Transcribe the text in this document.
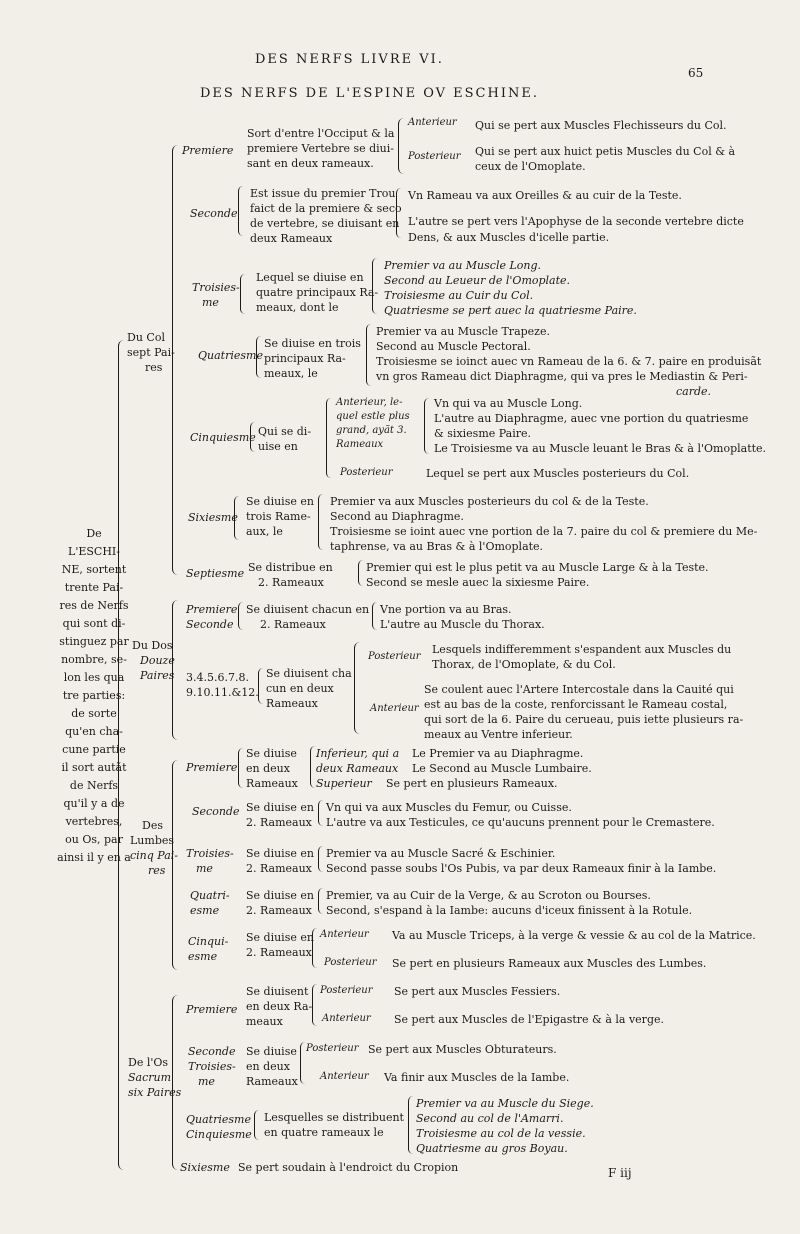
DES NERFS LIVRE VI.
65
DES NERFS DE L'ESPINE OV ESCHINE.
De
L'ESCHI-
NE, sortent
trente Pai-
res de Nerfs
qui sont di-
stinguez par
nombre, se-
lon les qua
tre parties:
de sorte
qu'en cha-
cune partie
il sort autãt
de Nerfs
qu'il y a de
vertebres,
ou Os, par
ainsi il y en a
Du Col
sept Pai-
res
Du Dos
Douze
Paires
Des
Lumbes
cinq Pai-
res
De l'Os
Sacrum
six Paires
Premiere
Sort d'entre l'Occiput & la
premiere Vertebre se diui-
sant en deux rameaux.
Anterieur Qui se pert aux Muscles Flechisseurs du Col.
Posterieur Qui se pert aux huict petis Muscles du Col & à
ceux de l'Omoplate.
Seconde
Est issue du premier Trou
faict de la premiere & seco
de vertebre, se diuisant en
deux Rameaux
Vn Rameau va aux Oreilles & au cuir de la Teste.
L'autre se pert vers l'Apophyse de la seconde vertebre dicte
Dens, & aux Muscles d'icelle partie.
Troisies-
me
Lequel se diuise en
quatre principaux Ra-
meaux, dont le
Premier va au Muscle Long.
Second au Leueur de l'Omoplate.
Troisiesme au Cuir du Col.
Quatriesme se pert auec la quatriesme Paire.
Quatriesme
Se diuise en trois
principaux Ra-
meaux, le
Premier va au Muscle Trapeze.
Second au Muscle Pectoral.
Troisiesme se ioinct auec vn Rameau de la 6. & 7. paire en produisãt
vn gros Rameau dict Diaphragme, qui va pres le Mediastin & Peri-
carde.
Cinquiesme Qui se di-
uise en
Anterieur, le-
quel estle plus
grand, ayãt 3.
Rameaux
Vn qui va au Muscle Long.
L'autre au Diaphragme, auec vne portion du quatriesme
& sixiesme Paire.
Le Troisiesme va au Muscle leuant le Bras & à l'Omoplatte.
Posterieur	Lequel se pert aux Muscles posterieurs du Col.
Sixiesme
Se diuise en
trois Rame-
aux, le
Premier va aux Muscles posterieurs du col & de la Teste.
Second au Diaphragme.
Troisiesme se ioint auec vne portion de la 7. paire du col & premiere du Me-
taphrense, va au Bras & à l'Omoplate.
Septiesme Se distribue en
2. Rameaux
Premier qui est le plus petit va au Muscle Large & à la Teste.
Second se mesle auec la sixiesme Paire.
Premiere
Seconde
Se diuisent chacun en
2. Rameaux
Vne portion va au Bras.
L'autre au Muscle du Thorax.
3.4.5.6.7.8.
9.10.11.&12.
Se diuisent cha
cun en deux
Rameaux
Posterieur
Lesquels indifferemment s'espandent aux Muscles du
Thorax, de l'Omoplate, & du Col.
Anterieur
Se coulent auec l'Artere Intercostale dans la Cauité qui
est au bas de la coste, renforcissant le Rameau costal,
qui sort de la 6. Paire du cerueau, puis iette plusieurs ra-
meaux au Ventre inferieur.
Premiere
Se diuise
en deux
Rameaux
Inferieur, qui a
deux Rameaux
Le Premier va au Diaphragme.
Le Second au Muscle Lumbaire.
Superieur Se pert en plusieurs Rameaux.
Seconde Se diuise en
2. Rameaux
Vn qui va aux Muscles du Femur, ou Cuisse.
L'autre va aux Testicules, ce qu'aucuns prennent pour le Cremastere.
Troisies-
me
Se diuise en
2. Rameaux
Premier va au Muscle Sacré & Eschinier.
Second passe soubs l'Os Pubis, va par deux Rameaux finir à la Iambe.
Quatri-
esme
Se diuise en
2. Rameaux
Premier, va au Cuir de la Verge, & au Scroton ou Bourses.
Second, s'espand à la Iambe: aucuns d'iceux finissent à la Rotule.
Cinqui-
esme
Se diuise en
2. Rameaux
Anterieur Va au Muscle Triceps, à la verge & vessie & au col de la Matrice.
Posterieur Se pert en plusieurs Rameaux aux Muscles des Lumbes.
Premiere
Se diuisent
en deux Ra-
meaux
Posterieur Se pert aux Muscles Fessiers.
Anterieur Se pert aux Muscles de l'Epigastre & à la verge.
Seconde
Troisies-
me
Se diuise
en deux
Rameaux
Posterieur Se pert aux Muscles Obturateurs.
Anterieur Va finir aux Muscles de la Iambe.
Quatriesme
Cinquiesme
Lesquelles se distribuent
en quatre rameaux le
Premier va au Muscle du Siege.
Second au col de l'Amarri.
Troisiesme au col de la vessie.
Quatriesme au gros Boyau.
Sixiesme Se pert soudain à l'endroict du Cropion	F iij
